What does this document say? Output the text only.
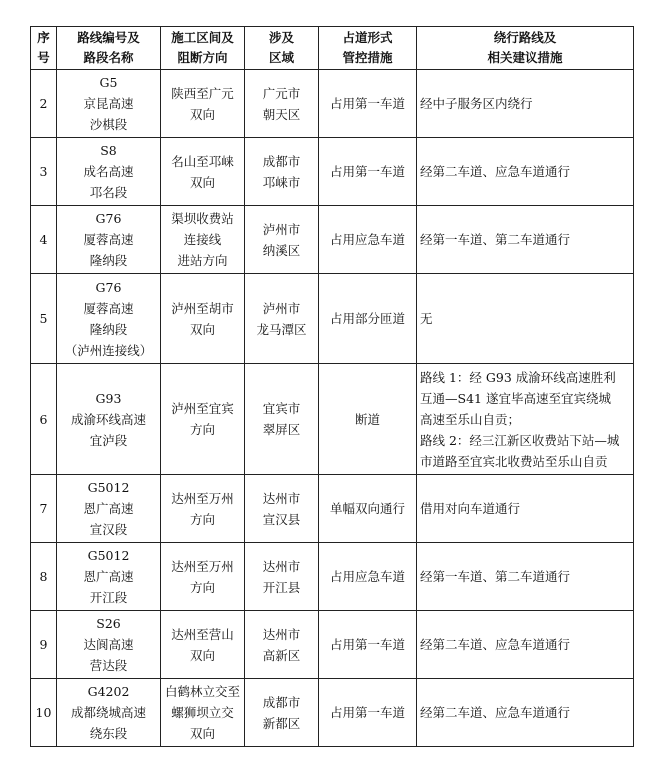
序
号	路线编号及
路段名称	施工区间及
阻断方向	涉及
区域	占道形式
管控措施	绕行路线及
相关建议措施

2	G5
京昆高速
沙棋段	陕西至广元
双向	广元市
朝天区	占用第一车道	经中子服务区内绕行

3	S8
成名高速
邛名段	名山至邛崃
双向	成都市
邛崃市	占用第一车道	经第二车道、应急车道通行

4	G76
厦蓉高速
隆纳段	渠坝收费站
连接线
进站方向	泸州市
纳溪区	占用应急车道	经第一车道、第二车道通行

5	G76
厦蓉高速
隆纳段
（泸州连接线）	泸州至胡市
双向	泸州市
龙马潭区	占用部分匝道	无

6	G93
成渝环线高速
宜泸段	泸州至宜宾
方向	宜宾市
翠屏区	断道	路线 1：经 G93 成渝环线高速胜利
互通—S41 遂宜毕高速至宜宾绕城
高速至乐山自贡；
路线 2：经三江新区收费站下站—城
市道路至宜宾北收费站至乐山自贡

7	G5012
恩广高速
宣汉段	达州至万州
方向	达州市
宣汉县	单幅双向通行	借用对向车道通行

8	G5012
恩广高速
开江段	达州至万州
方向	达州市
开江县	占用应急车道	经第一车道、第二车道通行

9	S26
达阆高速
营达段	达州至营山
双向	达州市
高新区	占用第一车道	经第二车道、应急车道通行

10	G4202
成都绕城高速
绕东段	白鹤林立交至
螺狮坝立交
双向	成都市
新都区	占用第一车道	经第二车道、应急车道通行
